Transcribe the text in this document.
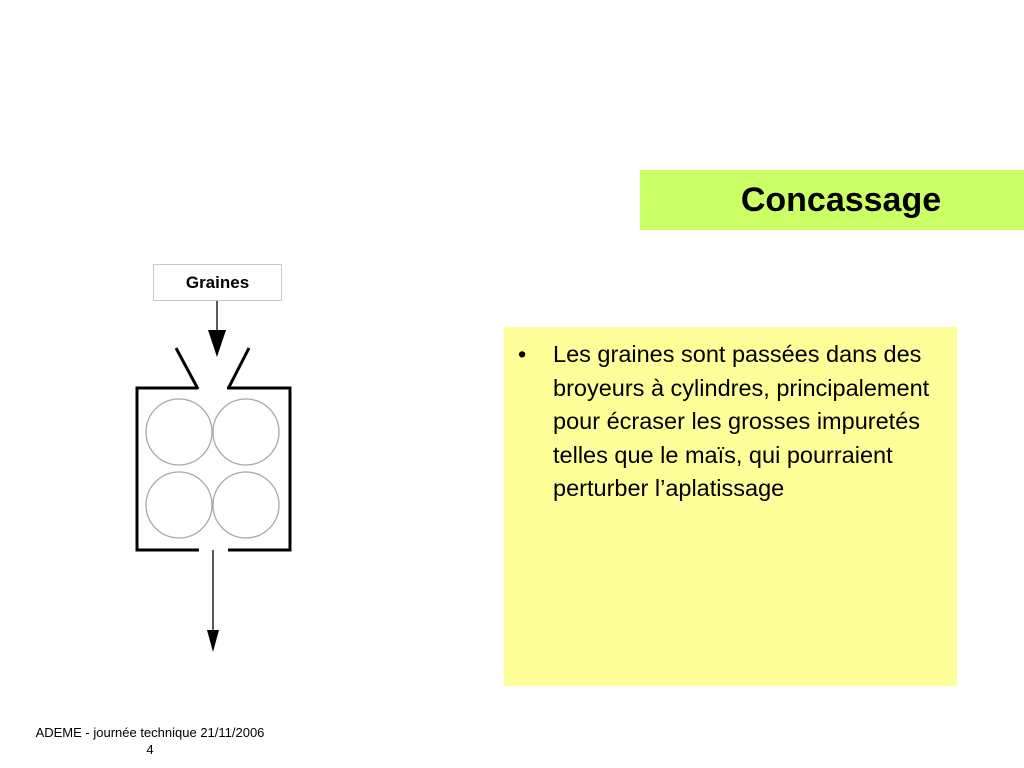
Concassage
Graines
• Les graines sont passées dans des broyeurs à cylindres, principalement pour écraser les grosses impuretés telles que le maïs, qui pourraient perturber l’aplatissage
ADEME - journée technique 21/11/2006
4
